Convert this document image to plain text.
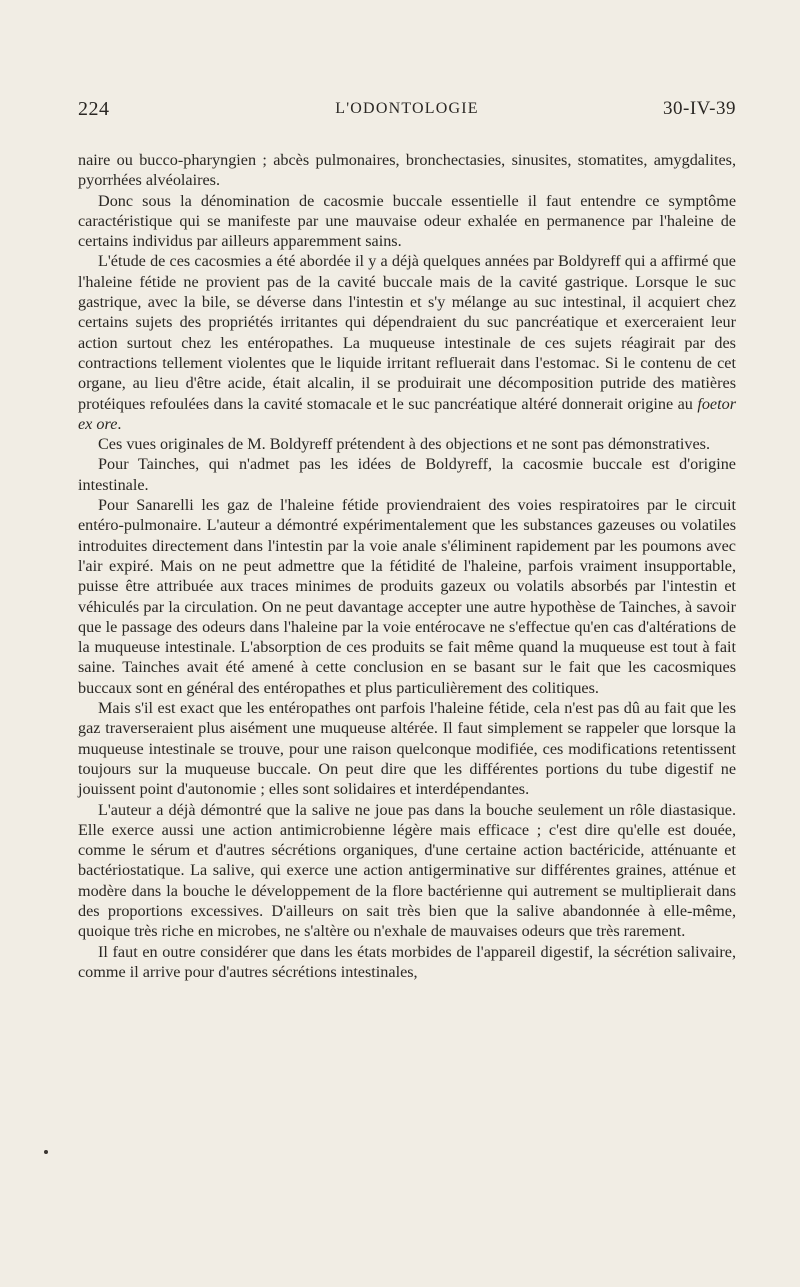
224	L'ODONTOLOGIE	30-IV-39

naire ou bucco-pharyngien ; abcès pulmonaires, bronchectasies, sinusites, stomatites, amygdalites, pyorrhées alvéolaires.

Donc sous la dénomination de cacosmie buccale essentielle il faut entendre ce symptôme caractéristique qui se manifeste par une mauvaise odeur exhalée en permanence par l'haleine de certains individus par ailleurs apparemment sains.

L'étude de ces cacosmies a été abordée il y a déjà quelques années par Boldyreff qui a affirmé que l'haleine fétide ne provient pas de la cavité buccale mais de la cavité gastrique. Lorsque le suc gastrique, avec la bile, se déverse dans l'intestin et s'y mélange au suc intestinal, il acquiert chez certains sujets des propriétés irritantes qui dépendraient du suc pancréatique et exerceraient leur action surtout chez les entéropathes. La muqueuse intestinale de ces sujets réagirait par des contractions tellement violentes que le liquide irritant refluerait dans l'estomac. Si le contenu de cet organe, au lieu d'être acide, était alcalin, il se produirait une décomposition putride des matières protéiques refoulées dans la cavité stomacale et le suc pancréatique altéré donnerait origine au foetor ex ore.

Ces vues originales de M. Boldyreff prétendent à des objections et ne sont pas démonstratives.

Pour Tainches, qui n'admet pas les idées de Boldyreff, la cacosmie buccale est d'origine intestinale.

Pour Sanarelli les gaz de l'haleine fétide proviendraient des voies respiratoires par le circuit entéro-pulmonaire. L'auteur a démontré expérimentalement que les substances gazeuses ou volatiles introduites directement dans l'intestin par la voie anale s'éliminent rapidement par les poumons avec l'air expiré. Mais on ne peut admettre que la fétidité de l'haleine, parfois vraiment insupportable, puisse être attribuée aux traces minimes de produits gazeux ou volatils absorbés par l'intestin et véhiculés par la circulation. On ne peut davantage accepter une autre hypothèse de Tainches, à savoir que le passage des odeurs dans l'haleine par la voie entérocave ne s'effectue qu'en cas d'altérations de la muqueuse intestinale. L'absorption de ces produits se fait même quand la muqueuse est tout à fait saine. Tainches avait été amené à cette conclusion en se basant sur le fait que les cacosmiques buccaux sont en général des entéropathes et plus particulièrement des colitiques.

Mais s'il est exact que les entéropathes ont parfois l'haleine fétide, cela n'est pas dû au fait que les gaz traverseraient plus aisément une muqueuse altérée. Il faut simplement se rappeler que lorsque la muqueuse intestinale se trouve, pour une raison quelconque modifiée, ces modifications retentissent toujours sur la muqueuse buccale. On peut dire que les différentes portions du tube digestif ne jouissent point d'autonomie ; elles sont solidaires et interdépendantes.

L'auteur a déjà démontré que la salive ne joue pas dans la bouche seulement un rôle diastasique. Elle exerce aussi une action antimicrobienne légère mais efficace ; c'est dire qu'elle est douée, comme le sérum et d'autres sécrétions organiques, d'une certaine action bactéricide, atténuante et bactériostatique. La salive, qui exerce une action antigerminative sur différentes graines, atténue et modère dans la bouche le développement de la flore bactérienne qui autrement se multiplierait dans des proportions excessives. D'ailleurs on sait très bien que la salive abandonnée à elle-même, quoique très riche en microbes, ne s'altère ou n'exhale de mauvaises odeurs que très rarement.

Il faut en outre considérer que dans les états morbides de l'appareil digestif, la sécrétion salivaire, comme il arrive pour d'autres sécrétions intestinales,
